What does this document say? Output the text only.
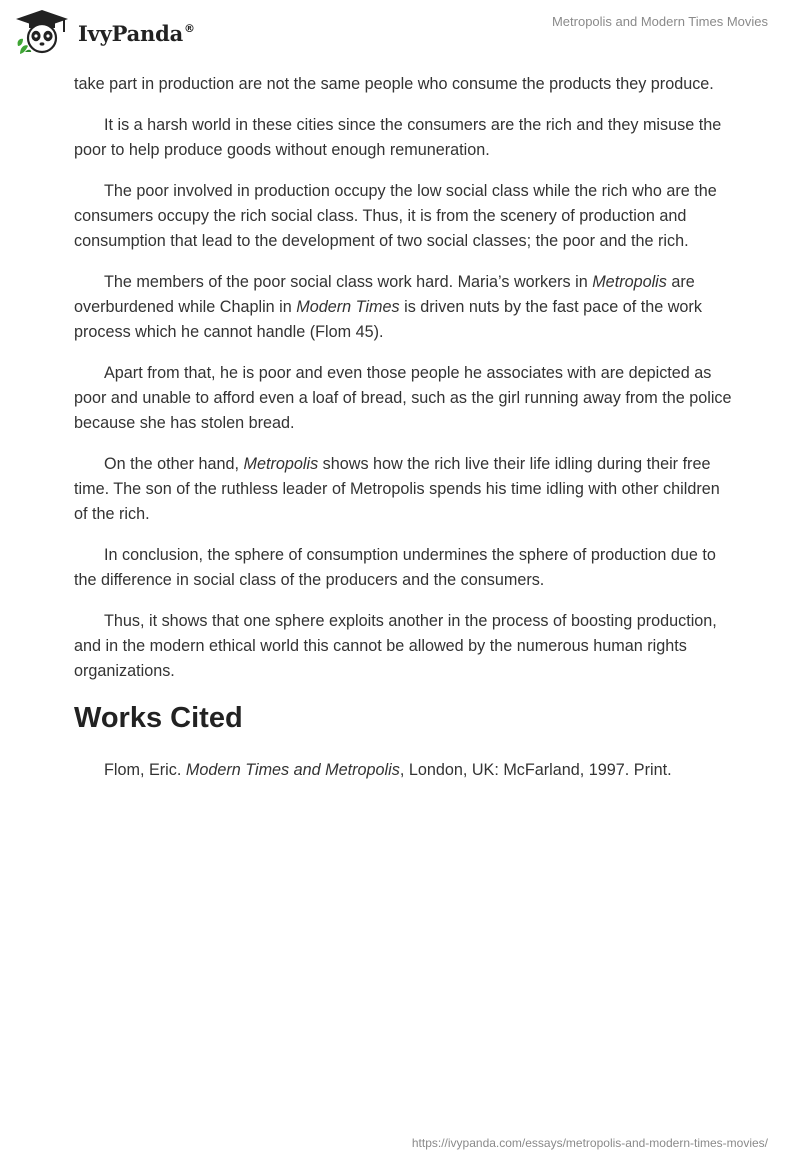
IvyPanda®	Metropolis and Modern Times Movies

take part in production are not the same people who consume the products they produce.

It is a harsh world in these cities since the consumers are the rich and they misuse the poor to help produce goods without enough remuneration.

The poor involved in production occupy the low social class while the rich who are the consumers occupy the rich social class. Thus, it is from the scenery of production and consumption that lead to the development of two social classes; the poor and the rich.

The members of the poor social class work hard. Maria’s workers in Metropolis are overburdened while Chaplin in Modern Times is driven nuts by the fast pace of the work process which he cannot handle (Flom 45).

Apart from that, he is poor and even those people he associates with are depicted as poor and unable to afford even a loaf of bread, such as the girl running away from the police because she has stolen bread.

On the other hand, Metropolis shows how the rich live their life idling during their free time. The son of the ruthless leader of Metropolis spends his time idling with other children of the rich.

In conclusion, the sphere of consumption undermines the sphere of production due to the difference in social class of the producers and the consumers.

Thus, it shows that one sphere exploits another in the process of boosting production, and in the modern ethical world this cannot be allowed by the numerous human rights organizations.

Works Cited

Flom, Eric. Modern Times and Metropolis, London, UK: McFarland, 1997. Print.

https://ivypanda.com/essays/metropolis-and-modern-times-movies/
